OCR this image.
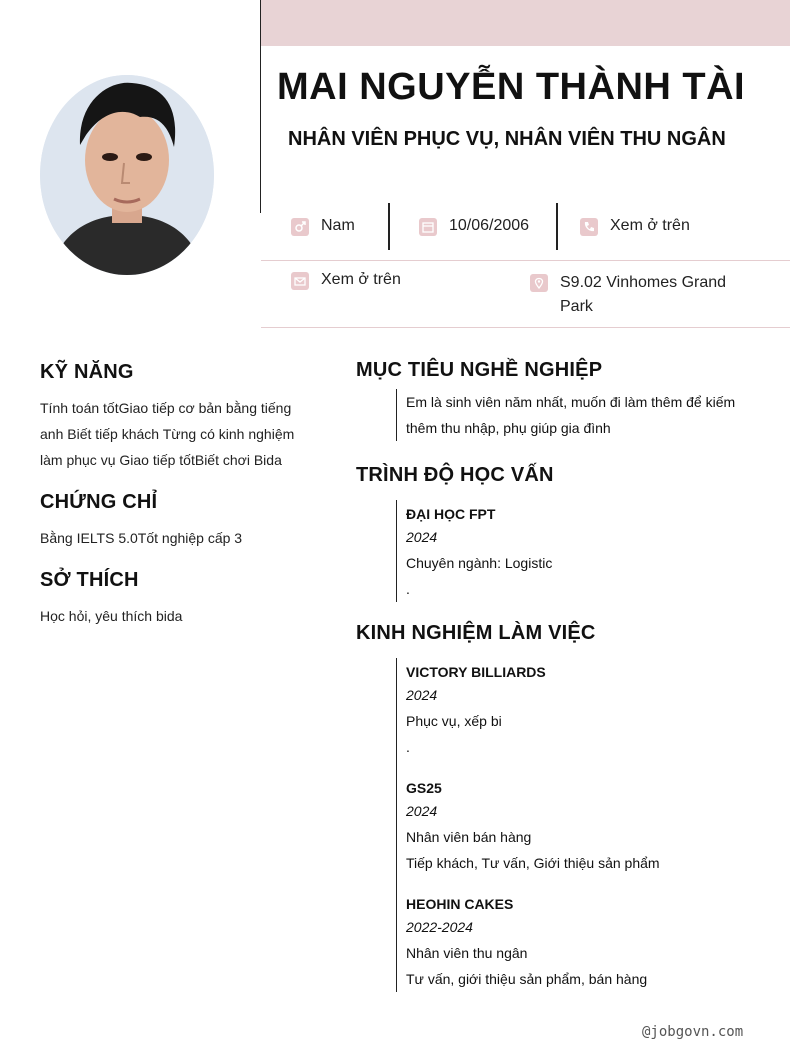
MAI NGUYỄN THÀNH TÀI
NHÂN VIÊN PHỤC VỤ, NHÂN VIÊN THU NGÂN
Nam	10/06/2006	Xem ở trên
Xem ở trên	S9.02 Vinhomes Grand Park
KỸ NĂNG
Tính toán tốtGiao tiếp cơ bản bằng tiếng anh Biết tiếp khách Từng có kinh nghiệm làm phục vụ Giao tiếp tốtBiết chơi Bida
CHỨNG CHỈ
Bằng IELTS 5.0Tốt nghiệp cấp 3
SỞ THÍCH
Học hỏi, yêu thích bida
MỤC TIÊU NGHỀ NGHIỆP
Em là sinh viên năm nhất, muốn đi làm thêm để kiếm thêm thu nhập, phụ giúp gia đình
TRÌNH ĐỘ HỌC VẤN
ĐẠI HỌC FPT
2024
Chuyên ngành: Logistic
.
KINH NGHIỆM LÀM VIỆC
VICTORY BILLIARDS
2024
Phục vụ, xếp bi
.
GS25
2024
Nhân viên bán hàng
Tiếp khách, Tư vấn, Giới thiệu sản phẩm
HEOHIN CAKES
2022-2024
Nhân viên thu ngân
Tư vấn, giới thiệu sản phẩm, bán hàng
@jobgovn.com
